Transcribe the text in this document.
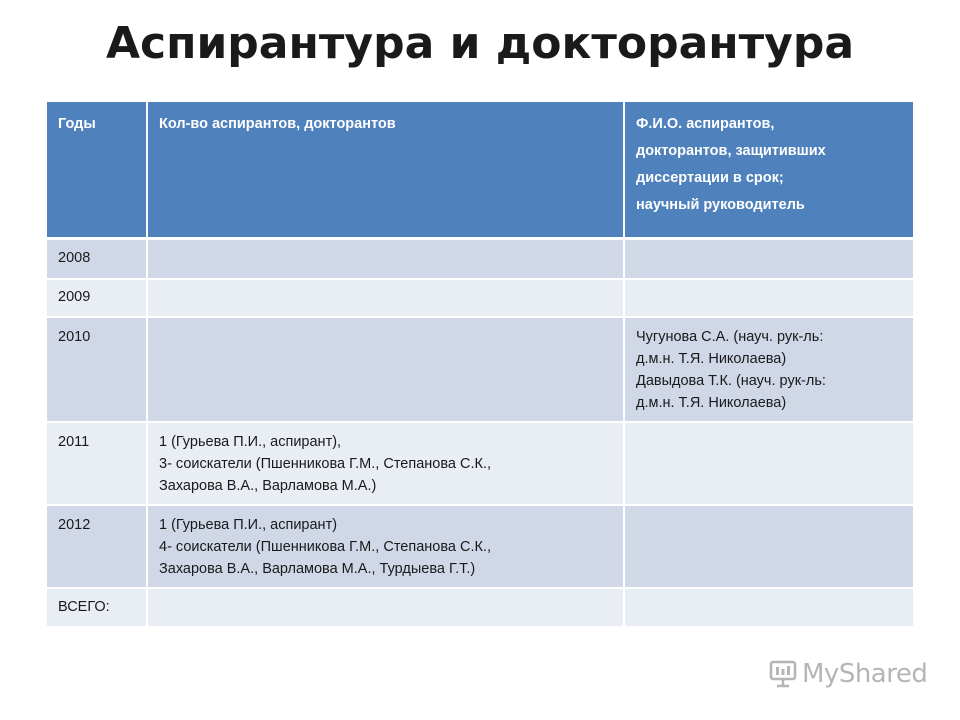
Аспирантура и докторантура
Годы	Кол-во аспирантов, докторантов	Ф.И.О. аспирантов,
докторантов, защитивших
диссертации в срок;
научный руководитель
2008		
2009		
2010		Чугунова С.А. (науч. рук-ль:
д.м.н. Т.Я. Николаева)
Давыдова Т.К. (науч. рук-ль:
д.м.н. Т.Я. Николаева)
2011	1 (Гурьева П.И., аспирант),
3- соискатели (Пшенникова Г.М., Степанова С.К.,
Захарова В.А., Варламова М.А.)	
2012	1 (Гурьева П.И., аспирант)
4- соискатели (Пшенникова Г.М., Степанова С.К.,
Захарова В.А., Варламова М.А., Турдыева Г.Т.)	
ВСЕГО:		
MyShared
